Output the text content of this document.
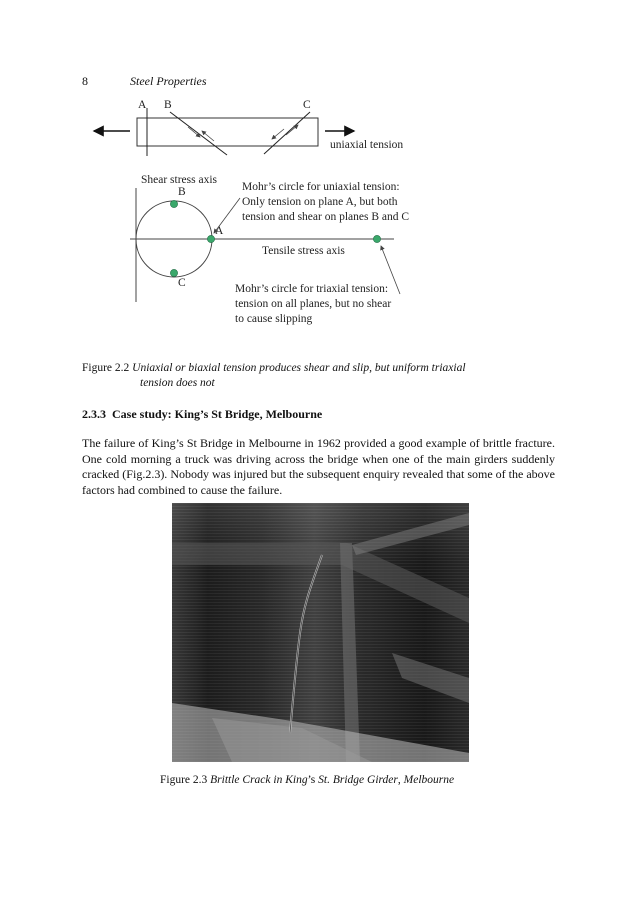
8	Steel Properties
A B	C
uniaxial tension
Shear stress axis
Tensile stress axis
B
A
C
Mohr’s circle for uniaxial tension:
Only tension on plane A, but both
tension and shear on planes B and C
Mohr’s circle for triaxial tension:
tension on all planes, but no shear
to cause slipping
Figure 2.2 Uniaxial or biaxial tension produces shear and slip, but uniform triaxial
tension does not
2.3.3 Case study: King’s St Bridge, Melbourne

The failure of King’s St Bridge in Melbourne in 1962 provided a good example of brittle fracture. One cold morning a truck was driving across the bridge when one of the main girders suddenly cracked (Fig.2.3). Nobody was injured but the subsequent enquiry revealed that some of the above factors had combined to cause the failure.

Figure 2.3 Brittle Crack in King’s St. Bridge Girder, Melbourne
